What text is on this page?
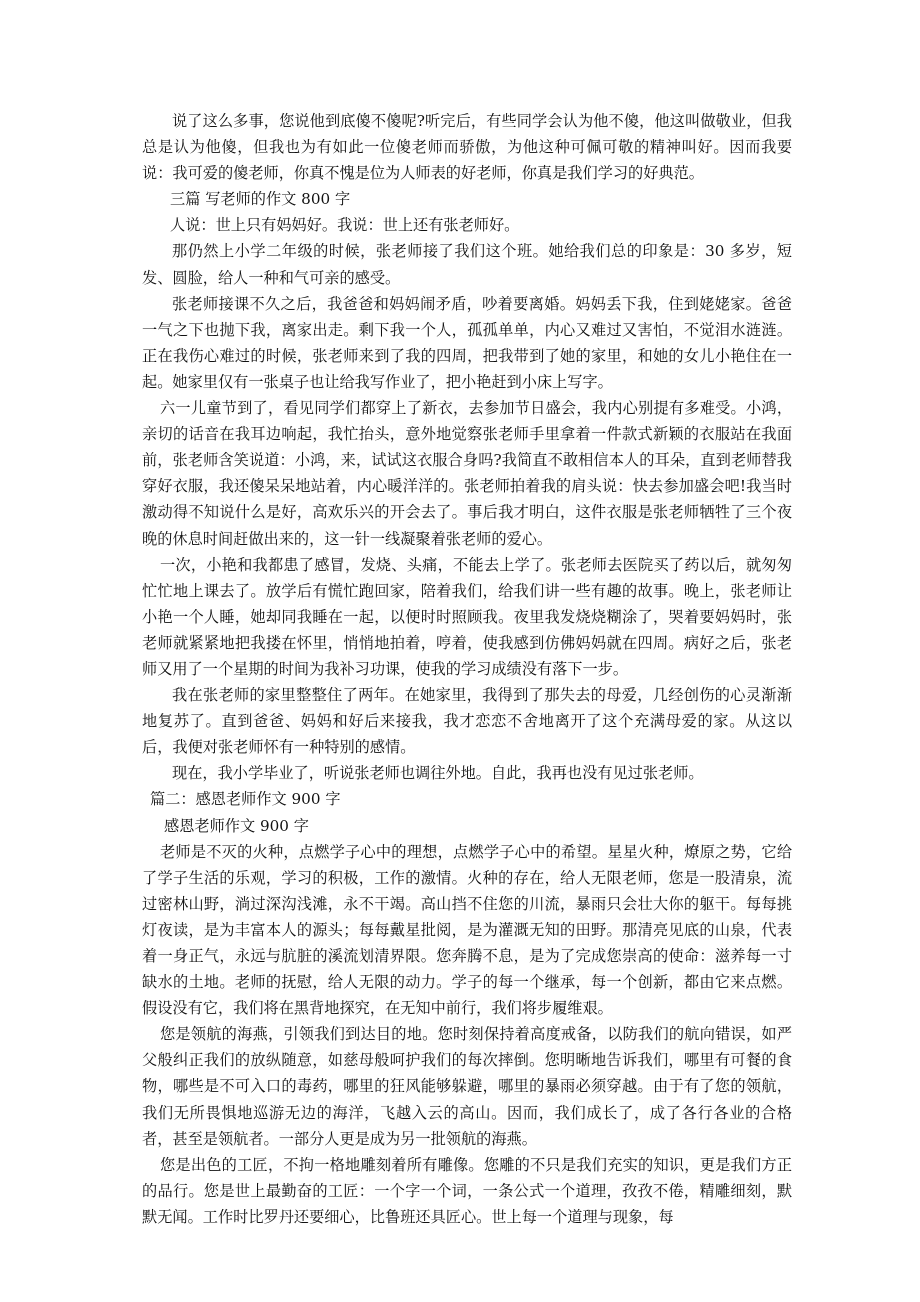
说了这么多事，您说他到底傻不傻呢?听完后，有些同学会认为他不傻，他这叫做敬业，但我总是认为他傻，但我也为有如此一位傻老师而骄傲，为他这种可佩可敬的精神叫好。因而我要说：我可爱的傻老师，你真不愧是位为人师表的好老师，你真是我们学习的好典范。

三篇 写老师的作文 800 字

人说：世上只有妈妈好。我说：世上还有张老师好。

那仍然上小学二年级的时候，张老师接了我们这个班。她给我们总的印象是：30 多岁，短发、圆脸，给人一种和气可亲的感受。

张老师接课不久之后，我爸爸和妈妈闹矛盾，吵着要离婚。妈妈丢下我，住到姥姥家。爸爸一气之下也抛下我，离家出走。剩下我一个人，孤孤单单，内心又难过又害怕，不觉泪水涟涟。正在我伤心难过的时候，张老师来到了我的四周，把我带到了她的家里，和她的女儿小艳住在一起。她家里仅有一张桌子也让给我写作业了，把小艳赶到小床上写字。

六一儿童节到了，看见同学们都穿上了新衣，去参加节日盛会，我内心别提有多难受。小鸿，亲切的话音在我耳边响起，我忙抬头，意外地觉察张老师手里拿着一件款式新颖的衣服站在我面前，张老师含笑说道：小鸿，来，试试这衣服合身吗?我简直不敢相信本人的耳朵，直到老师替我穿好衣服，我还傻呆呆地站着，内心暖洋洋的。张老师拍着我的肩头说：快去参加盛会吧!我当时激动得不知说什么是好，高欢乐兴的开会去了。事后我才明白，这件衣服是张老师牺牲了三个夜晚的休息时间赶做出来的，这一针一线凝聚着张老师的爱心。

一次，小艳和我都患了感冒，发烧、头痛，不能去上学了。张老师去医院买了药以后，就匆匆忙忙地上课去了。放学后有慌忙跑回家，陪着我们，给我们讲一些有趣的故事。晚上，张老师让小艳一个人睡，她却同我睡在一起，以便时时照顾我。夜里我发烧烧糊涂了，哭着要妈妈时，张老师就紧紧地把我搂在怀里，悄悄地拍着，哼着，使我感到仿佛妈妈就在四周。病好之后，张老师又用了一个星期的时间为我补习功课，使我的学习成绩没有落下一步。

我在张老师的家里整整住了两年。在她家里，我得到了那失去的母爱，几经创伤的心灵渐渐地复苏了。直到爸爸、妈妈和好后来接我，我才恋恋不舍地离开了这个充满母爱的家。从这以后，我便对张老师怀有一种特别的感情。

现在，我小学毕业了，听说张老师也调往外地。自此，我再也没有见过张老师。

篇二：感恩老师作文 900 字

感恩老师作文 900 字

老师是不灭的火种，点燃学子心中的理想，点燃学子心中的希望。星星火种，燎原之势，它给了学子生活的乐观，学习的积极，工作的激情。火种的存在，给人无限老师，您是一股清泉，流过密林山野，淌过深沟浅滩，永不干竭。高山挡不住您的川流，暴雨只会壮大你的躯干。每每挑灯夜读，是为丰富本人的源头；每每戴星批阅，是为灌溉无知的田野。那清亮见底的山泉，代表着一身正气，永远与肮脏的溪流划清界限。您奔腾不息，是为了完成您崇高的使命：滋养每一寸缺水的土地。老师的抚慰，给人无限的动力。学子的每一个继承，每一个创新，都由它来点燃。假设没有它，我们将在黑背地探究，在无知中前行，我们将步履维艰。

您是领航的海燕，引领我们到达目的地。您时刻保持着高度戒备，以防我们的航向错误，如严父般纠正我们的放纵随意，如慈母般呵护我们的每次摔倒。您明晰地告诉我们，哪里有可餐的食物，哪些是不可入口的毒药，哪里的狂风能够躲避，哪里的暴雨必须穿越。由于有了您的领航，我们无所畏惧地巡游无边的海洋，飞越入云的高山。因而，我们成长了，成了各行各业的合格者，甚至是领航者。一部分人更是成为另一批领航的海燕。

您是出色的工匠，不拘一格地雕刻着所有雕像。您雕的不只是我们充实的知识，更是我们方正的品行。您是世上最勤奋的工匠：一个字一个词，一条公式一个道理，孜孜不倦，精雕细刻，默默无闻。工作时比罗丹还要细心，比鲁班还具匠心。世上每一个道理与现象，每
